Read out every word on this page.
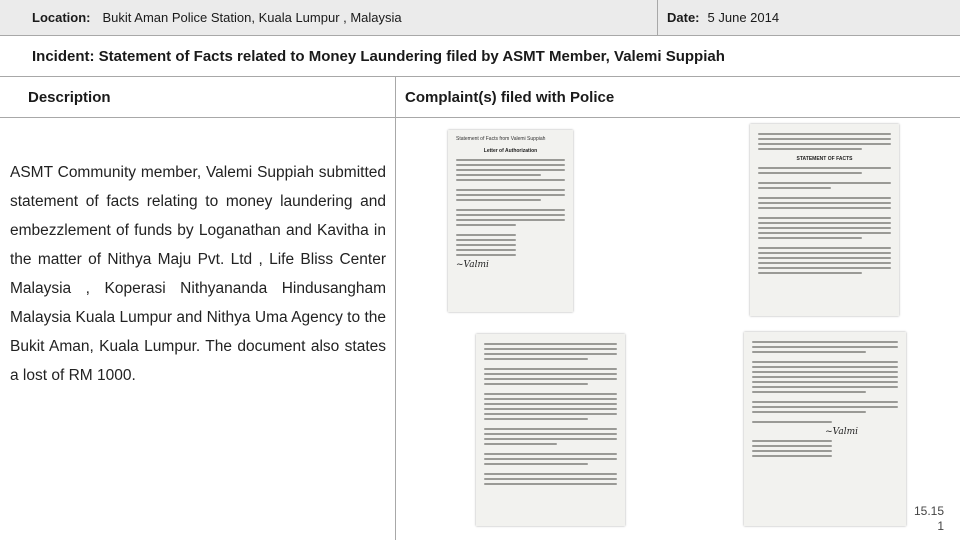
Location: Bukit Aman Police Station, Kuala Lumpur , Malaysia	Date: 5 June 2014
Incident: Statement of Facts related to Money Laundering filed by ASMT Member, Valemi Suppiah
Description	Complaint(s) filed with Police

ASMT Community member, Valemi Suppiah submitted statement of facts relating to money laundering and embezzlement of funds by Loganathan and Kavitha in the matter of Nithya Maju Pvt. Ltd , Life Bliss Center Malaysia , Koperasi Nithyananda Hindusangham Malaysia Kuala Lumpur and Nithya Uma Agency to the Bukit Aman, Kuala Lumpur. The document also states a lost of RM 1000.

Statement of Facts from Valemi Suppiah
Letter of Authorization
~Valmi
STATEMENT OF FACTS
~Valmi
15.15
1
